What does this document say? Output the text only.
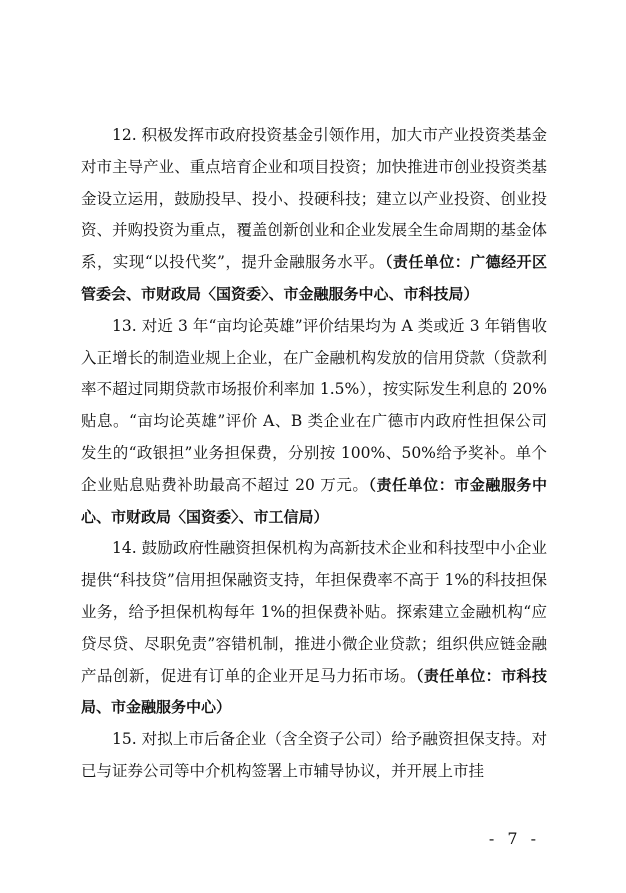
12. 积极发挥市政府投资基金引领作用，加大市产业投资类基金对市主导产业、重点培育企业和项目投资；加快推进市创业投资类基金设立运用，鼓励投早、投小、投硬科技；建立以产业投资、创业投资、并购投资为重点，覆盖创新创业和企业发展全生命周期的基金体系，实现“以投代奖”，提升金融服务水平。（责任单位：广德经开区管委会、市财政局〈国资委〉、市金融服务中心、市科技局）

13. 对近 3 年“亩均论英雄”评价结果均为 A 类或近 3 年销售收入正增长的制造业规上企业，在广金融机构发放的信用贷款（贷款利率不超过同期贷款市场报价利率加 1.5%），按实际发生利息的 20%贴息。“亩均论英雄”评价 A、B 类企业在广德市内政府性担保公司发生的“政银担”业务担保费，分别按 100%、50%给予奖补。单个企业贴息贴费补助最高不超过 20 万元。（责任单位：市金融服务中心、市财政局〈国资委〉、市工信局）

14. 鼓励政府性融资担保机构为高新技术企业和科技型中小企业提供“科技贷”信用担保融资支持，年担保费率不高于 1%的科技担保业务，给予担保机构每年 1%的担保费补贴。探索建立金融机构“应贷尽贷、尽职免责”容错机制，推进小微企业贷款；组织供应链金融产品创新，促进有订单的企业开足马力拓市场。（责任单位：市科技局、市金融服务中心）

15. 对拟上市后备企业（含全资子公司）给予融资担保支持。对已与证券公司等中介机构签署上市辅导协议，并开展上市挂

- 7 -
